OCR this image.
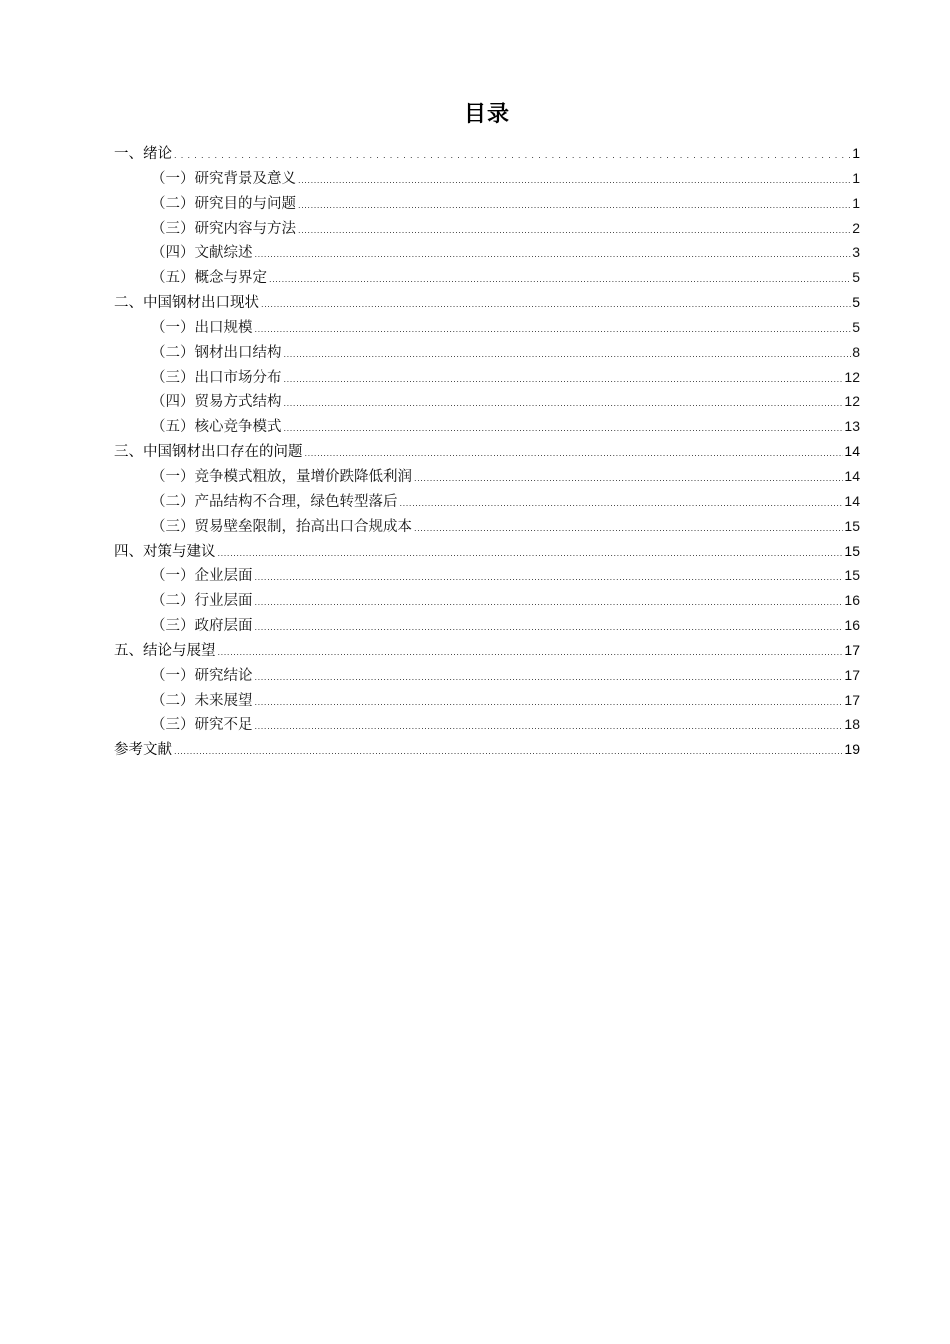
目录
一、绪论 .....	1
（一）研究背景及意义 .....	1
（二）研究目的与问题 .....	1
（三）研究内容与方法 .....	2
（四）文献综述 .....	3
（五）概念与界定 .....	5
二、中国钢材出口现状 .....	5
（一）出口规模 .....	5
（二）钢材出口结构 .....	8
（三）出口市场分布 .....	12
（四）贸易方式结构 .....	12
（五）核心竞争模式 .....	13
三、中国钢材出口存在的问题 .....	14
（一）竞争模式粗放，量增价跌降低利润 .....	14
（二）产品结构不合理，绿色转型落后 .....	14
（三）贸易壁垒限制，抬高出口合规成本 .....	15
四、对策与建议 .....	15
（一）企业层面 .....	15
（二）行业层面 .....	16
（三）政府层面 .....	16
五、结论与展望 .....	17
（一）研究结论 .....	17
（二）未来展望 .....	17
（三）研究不足 .....	18
参考文献 .....	19
